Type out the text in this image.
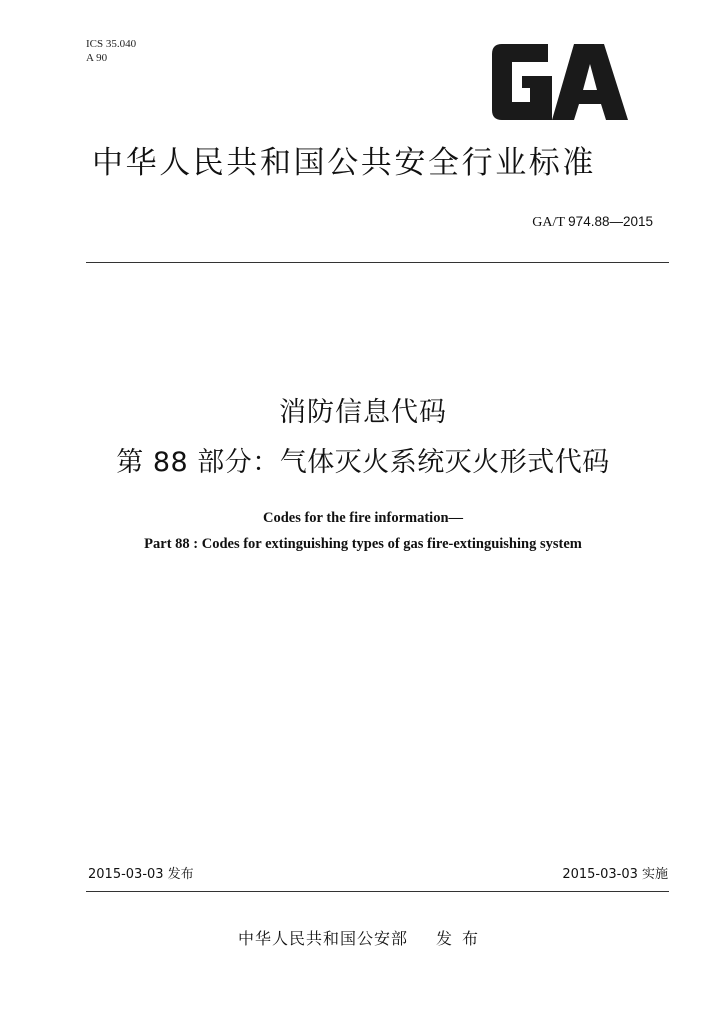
ICS 35.040
A 90
中华人民共和国公共安全行业标准
GA/T 974.88—2015
消防信息代码
第 88 部分：气体灭火系统灭火形式代码
Codes for the fire information—
Part 88 : Codes for extinguishing types of gas fire-extinguishing system
2015-03-03 发布	2015-03-03 实施
中华人民共和国公安部 发布
